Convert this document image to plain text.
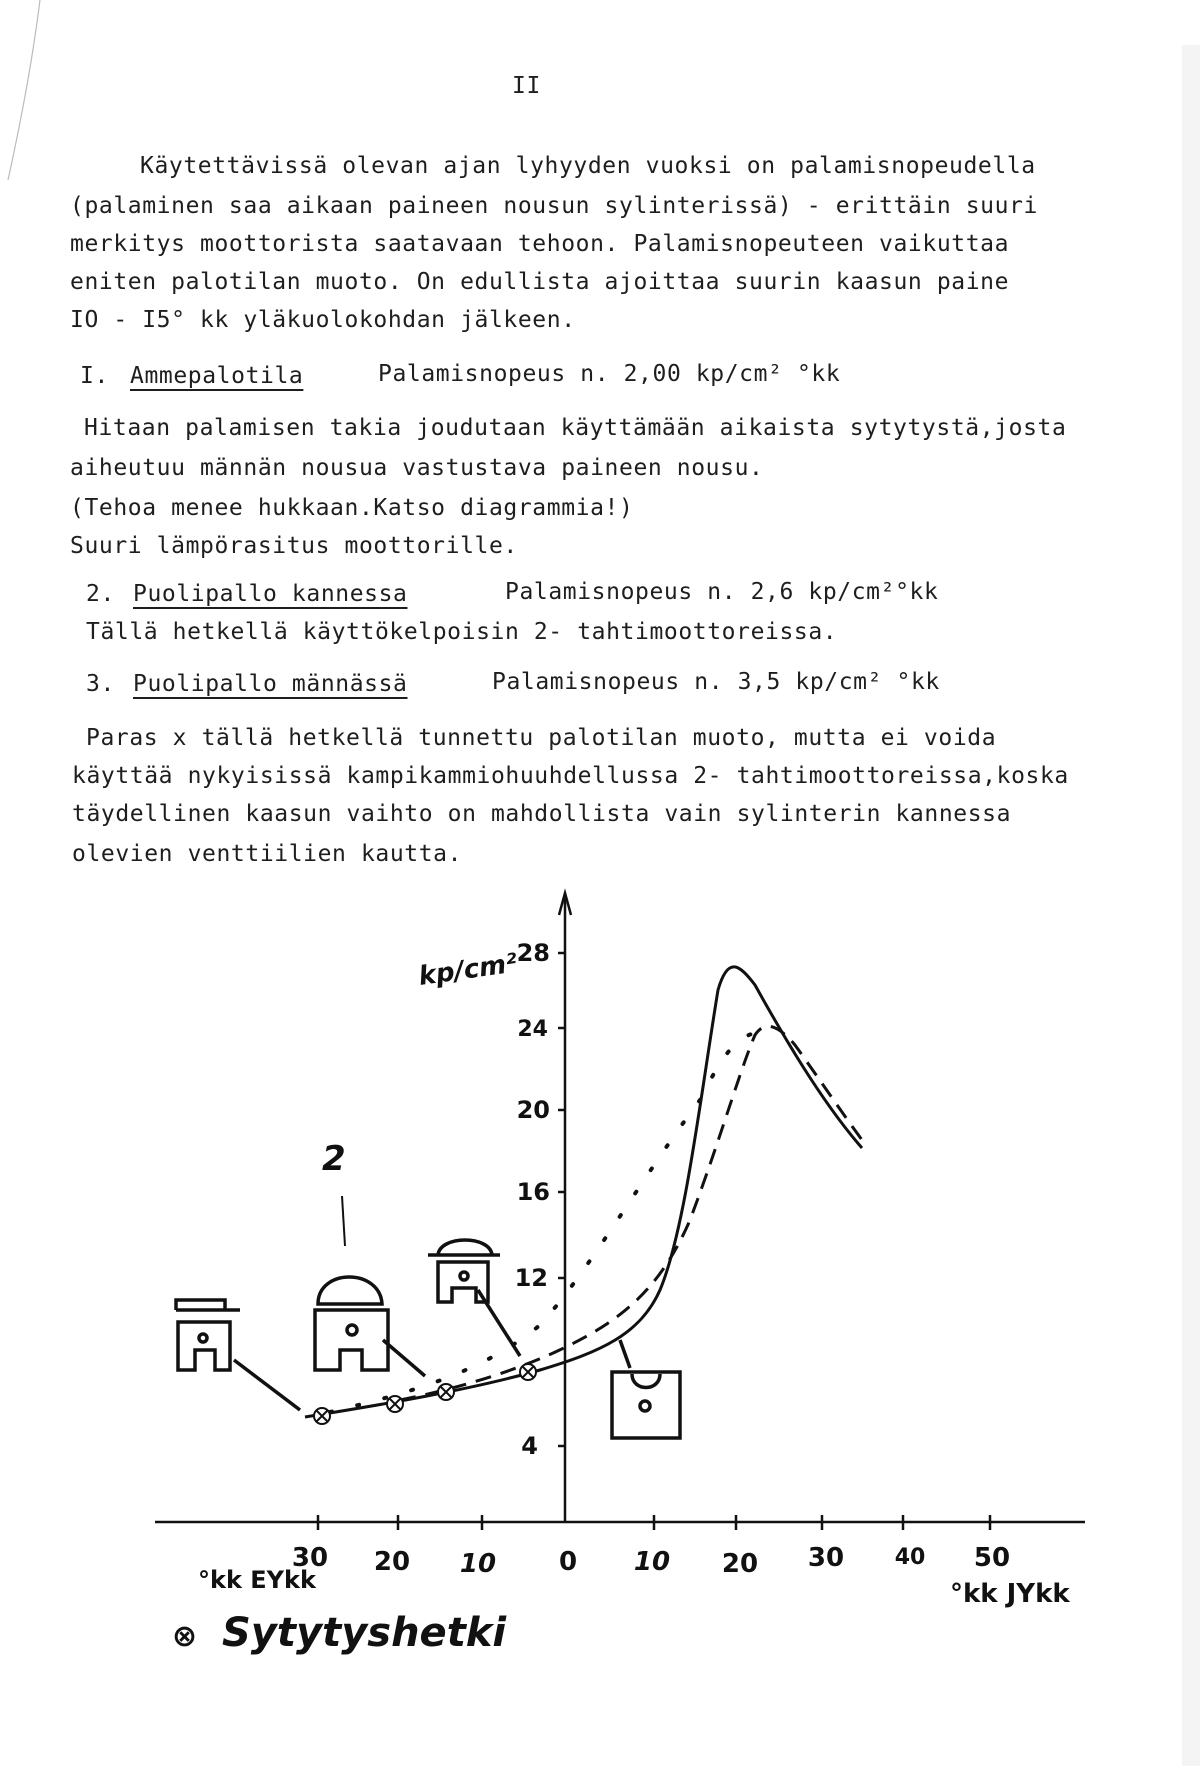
II
Käytettävissä olevan ajan lyhyyden vuoksi on palamisnopeudella
(palaminen saa aikaan paineen nousun sylinterissä) - erittäin suuri
merkitys moottorista saatavaan tehoon. Palamisnopeuteen vaikuttaa
eniten palotilan muoto. On edullista ajoittaa suurin kaasun paine
IO - I5° kk yläkuolokohdan jälkeen.
I. Ammepalotila	Palamisnopeus n. 2,00 kp/cm² °kk
Hitaan palamisen takia joudutaan käyttämään aikaista sytytystä,josta
aiheutuu männän nousua vastustava paineen nousu.
(Tehoa menee hukkaan.Katso diagrammia!)
Suuri lämpörasitus moottorille.
2. Puolipallo kannessa	Palamisnopeus n. 2,6 kp/cm²°kk
Tällä hetkellä käyttökelpoisin 2- tahtimoottoreissa.
3. Puolipallo männässä	Palamisnopeus n. 3,5 kp/cm² °kk
Paras x tällä hetkellä tunnettu palotilan muoto, mutta ei voida
käyttää nykyisissä kampikammiohuuhdellussa 2- tahtimoottoreissa,koska
täydellinen kaasun vaihto on mahdollista vain sylinterin kannessa
olevien venttiilien kautta.
4
12
16
20
24
28
kp/cm²
30 20 10 0 10 20 30 40 50
°kk EYkk	°kk JYkk
⊗ Sytytyshetki
2
